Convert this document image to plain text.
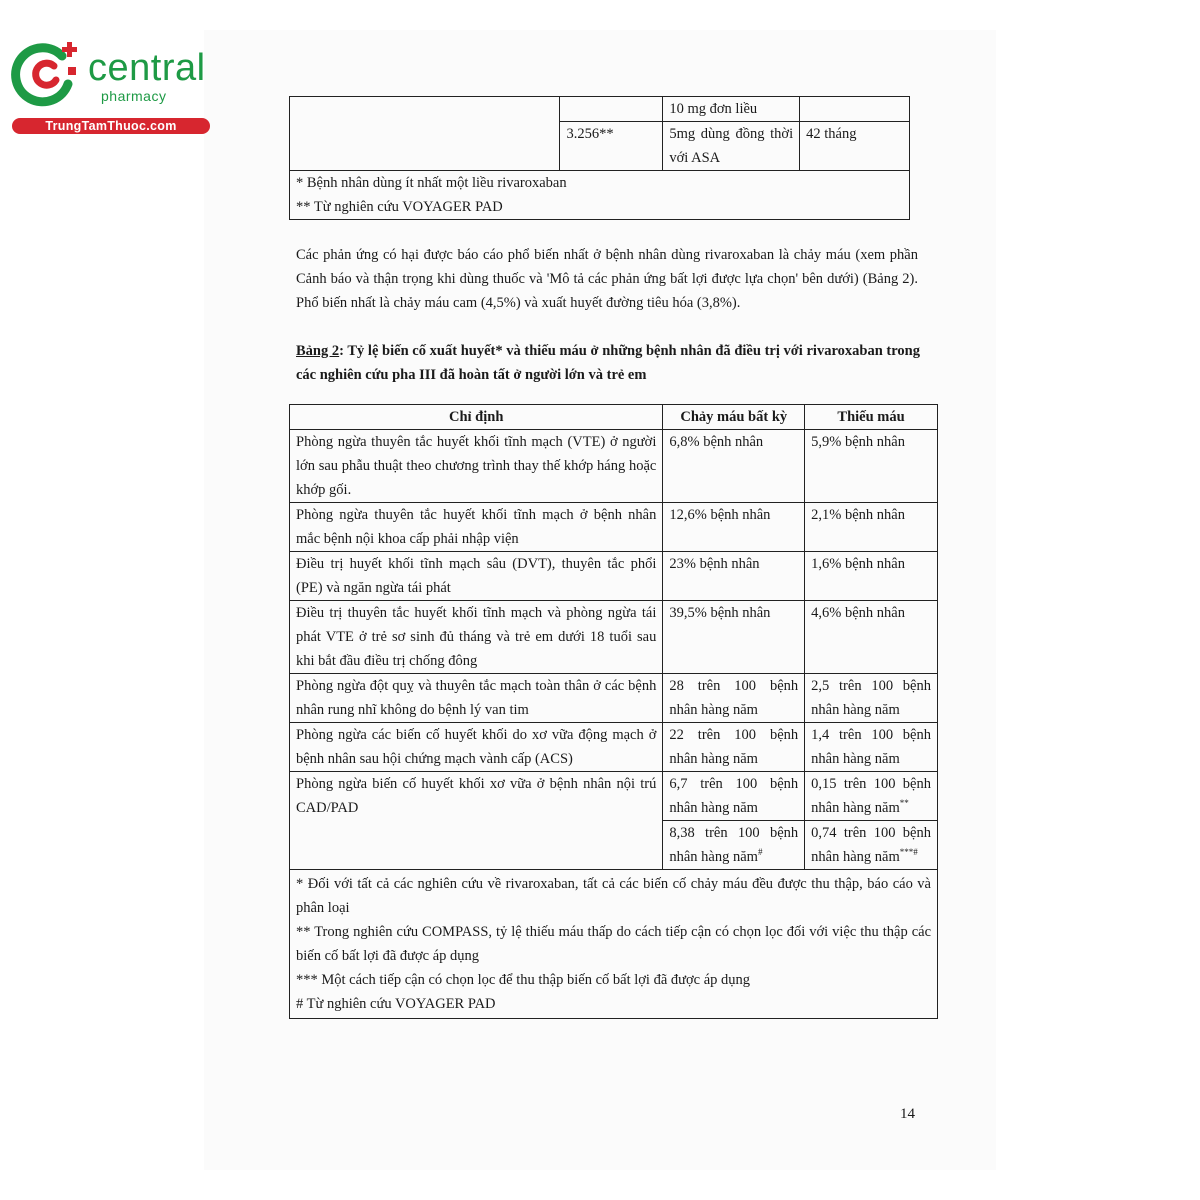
central
pharmacy
TrungTamThuoc.com
		10 mg đơn liều	
	3.256**	5mg dùng đồng thời với ASA	42 tháng

* Bệnh nhân dùng ít nhất một liều rivaroxaban
** Từ nghiên cứu VOYAGER PAD			
Các phản ứng có hại được báo cáo phổ biến nhất ở bệnh nhân dùng rivaroxaban là chảy máu (xem phần Cảnh báo và thận trọng khi dùng thuốc và 'Mô tả các phản ứng bất lợi được lựa chọn' bên dưới) (Bảng 2). Phổ biến nhất là chảy máu cam (4,5%) và xuất huyết đường tiêu hóa (3,8%).
Bảng 2: Tỷ lệ biến cố xuất huyết* và thiếu máu ở những bệnh nhân đã điều trị với rivaroxaban trong các nghiên cứu pha III đã hoàn tất ở người lớn và trẻ em
Chỉ định	Chảy máu bất kỳ	Thiếu máu
Phòng ngừa thuyên tắc huyết khối tĩnh mạch (VTE) ở người lớn sau phẫu thuật theo chương trình thay thế khớp háng hoặc khớp gối.	6,8% bệnh nhân	5,9% bệnh nhân
Phòng ngừa thuyên tắc huyết khối tĩnh mạch ở bệnh nhân mắc bệnh nội khoa cấp phải nhập viện	12,6% bệnh nhân	2,1% bệnh nhân
Điều trị huyết khối tĩnh mạch sâu (DVT), thuyên tắc phổi (PE) và ngăn ngừa tái phát	23% bệnh nhân	1,6% bệnh nhân
Điều trị thuyên tắc huyết khối tĩnh mạch và phòng ngừa tái phát VTE ở trẻ sơ sinh đủ tháng và trẻ em dưới 18 tuổi sau khi bắt đầu điều trị chống đông	39,5% bệnh nhân	4,6% bệnh nhân
Phòng ngừa đột quỵ và thuyên tắc mạch toàn thân ở các bệnh nhân rung nhĩ không do bệnh lý van tim	28 trên 100 bệnh nhân hàng năm	2,5 trên 100 bệnh nhân hàng năm
Phòng ngừa các biến cố huyết khối do xơ vữa động mạch ở bệnh nhân sau hội chứng mạch vành cấp (ACS)	22 trên 100 bệnh nhân hàng năm	1,4 trên 100 bệnh nhân hàng năm
Phòng ngừa biến cố huyết khối xơ vữa ở bệnh nhân nội trú CAD/PAD	6,7 trên 100 bệnh nhân hàng năm	0,15 trên 100 bệnh nhân hàng năm**
	8,38 trên 100 bệnh nhân hàng năm#	0,74 trên 100 bệnh nhân hàng năm***#

* Đối với tất cả các nghiên cứu về rivaroxaban, tất cả các biến cố chảy máu đều được thu thập, báo cáo và phân loại
** Trong nghiên cứu COMPASS, tỷ lệ thiếu máu thấp do cách tiếp cận có chọn lọc đối với việc thu thập các biến cố bất lợi đã được áp dụng
*** Một cách tiếp cận có chọn lọc để thu thập biến cố bất lợi đã được áp dụng
# Từ nghiên cứu VOYAGER PAD		
14
